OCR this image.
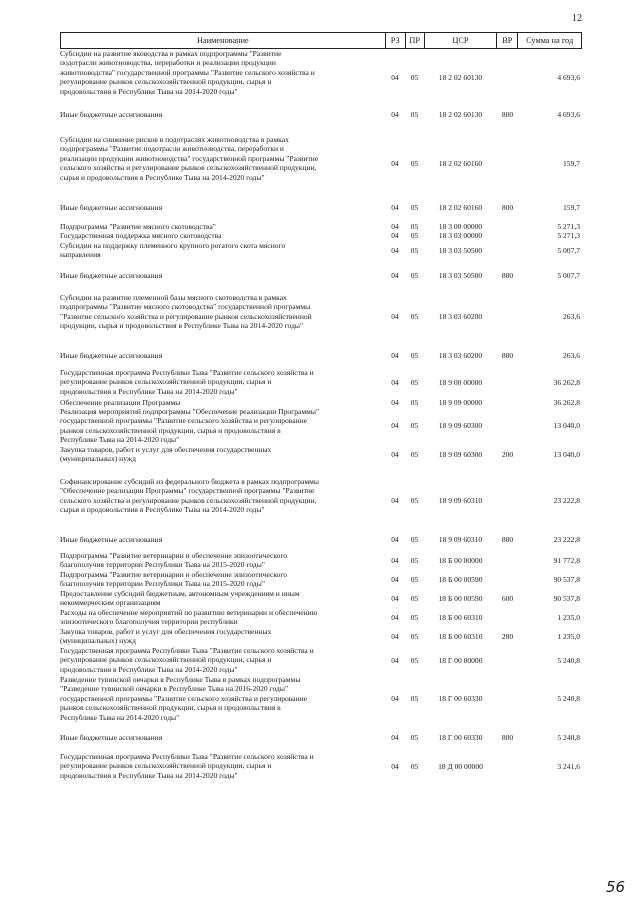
12
Наименование	РЗ	ПР	ЦСР	ВР	Сумма на год
Субсидии на развитие яководства в рамках подпрограммы "Развитие
подотрасли животноводства, переработки и реализации продукции
животноводства" государственной программы "Развитие сельского хозяйства и
регулирование рынков сельскохозяйственной продукции, сырья и
продовольствия в Республике Тыва на 2014-2020 годы"
04	05	18 2 02 60130	4 693,6
Иные бюджетные ассигнования	04	05	18 2 02 60130	800	4 693,6
Субсидии на снижение рисков в подотраслях животноводства в рамках
подпрограммы "Развитие подотрасли животноводства, переработки и
реализации продукции животноводства" государственной программы "Развитие
сельского хозяйства и регулирование рынков сельскохозяйственной продукции,
сырья и продовольствия в Республике Тыва на 2014-2020 годы"
04	05	18 2 02 60160	159,7
Иные бюджетные ассигнования	04	05	18 2 02 60160	800	159,7
Подпрограмма "Развитие мясного скотоводства"	04	05	18 3 00 00000	5 271,3
Государственная поддержка мясного скотоводства	04	05	18 3 03 00000	5 271,3
Субсидии на поддержку племенного крупного рогатого скота мясного
направления
04	05	18 3 03 50500	5 007,7
Иные бюджетные ассигнования	04	05	18 3 03 50500	800	5 007,7
Субсидии на развитие племенной базы мясного скотоводства в рамках
подпрограммы "Развитие мясного скотоводства" государственной программы
"Развитие сельского хозяйства и регулирование рынков сельскохозяйственной
продукции, сырья и продовольствия в Республике Тыва на 2014-2020 годы"
04	05	18 3 03 60200	263,6
Иные бюджетные ассигнования	04	05	18 3 03 60200	800	263,6
Государственная программа Республики Тыва "Развитие сельского хозяйства и
регулирование рынков сельскохозяйственной продукции, сырья и
продовольствия в Республике Тыва на 2014-2020 годы"
04	05	18 9 00 00000	36 262,8
Обеспечение реализации Программы	04	05	18 9 09 00000	36 262,8
Реализация мероприятий подпрограммы "Обеспечение реализации Программы"
государственной программы "Развитие сельского хозяйства и регулирование
рынков сельскохозяйственной продукции, сырья и продовольствия в
Республике Тыва на 2014-2020 годы"
04	05	18 9 09 60300	13 040,0
Закупка товаров, работ и услуг для обеспечения государственных
(муниципальных) нужд
04	05	18 9 09 60300	200	13 040,0
Софинансирование субсидий из федерального бюджета в рамках подпрограммы
"Обеспечение реализации Программы" государственной программы "Развитие
сельского хозяйства и регулирование рынков сельскохозяйственной продукции,
сырья и продовольствия в Республике Тыва на 2014-2020 годы"
04	05	18 9 09 60310	23 222,8
Иные бюджетные ассигнования	04	05	18 9 09 60310	800	23 222,8
Подпрограмма "Развитие ветеринарии и обеспечение эпизоотического
благополучия территории Республики Тыва на 2015-2020 годы"
04	05	18 Б 00 00000	91 772,8
Подпрограмма "Развитие ветеринарии и обеспечение эпизоотического
благополучия территории Республики Тыва на 2015-2020 годы"
04	05	18 Б 00 00590	90 537,8
Предоставление субсидий бюджетным, автономным учреждениям и иным
некоммерческим организациям
04	05	18 Б 00 00590	600	90 537,8
Расходы на обеспечение мероприятий по развитию ветеринарии и обеспечению
эпизоотического благополучия территории республики
04	05	18 Б 00 60310	1 235,0
Закупка товаров, работ и услуг для обеспечения государственных
(муниципальных) нужд
04	05	18 Б 00 60310	200	1 235,0
Государственная программа Республики Тыва "Развитие сельского хозяйства и
регулирование рынков сельскохозяйственной продукции, сырья и
продовольствия в Республике Тыва на 2014-2020 годы"
04	05	18 Г 00 00000	5 240,8
Разведение тувинской овчарки в Республике Тыва в рамках подпрограммы
"Разведение тувинской овчарки в Республике Тыва на 2016-2020 годы"
государственной программы "Развитие сельского хозяйства и регулирование
рынков сельскохозяйственной продукции, сырья и продовольствия в
Республике Тыва на 2014-2020 годы"
04	05	18 Г 00 60330	5 240,8
Иные бюджетные ассигнования	04	05	18 Г 00 60330	800	5 240,8
Государственная программа Республики Тыва "Развитие сельского хозяйства и
регулирование рынков сельскохозяйственной продукции, сырья и
продовольствия в Республике Тыва на 2014-2020 годы"
04	05	18 Д 00 00000	3 241,6
56
